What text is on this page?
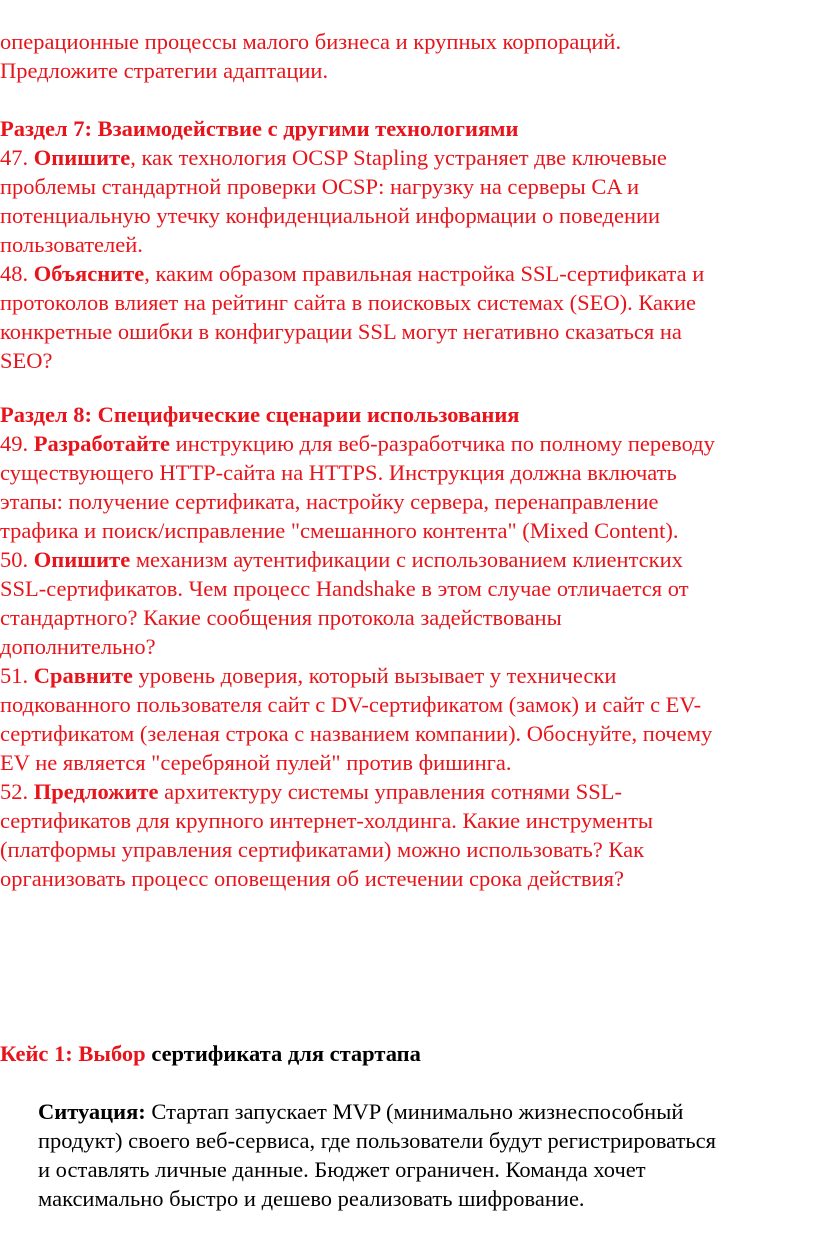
операционные процессы малого бизнеса и крупных корпораций.
Предложите стратегии адаптации.
Раздел 7: Взаимодействие с другими технологиями
47. Опишите, как технология OCSP Stapling устраняет две ключевые
проблемы стандартной проверки OCSP: нагрузку на серверы CA и
потенциальную утечку конфиденциальной информации о поведении
пользователей.
48. Объясните, каким образом правильная настройка SSL-сертификата и
протоколов влияет на рейтинг сайта в поисковых системах (SEO). Какие
конкретные ошибки в конфигурации SSL могут негативно сказаться на
SEO?
Раздел 8: Специфические сценарии использования
49. Разработайте инструкцию для веб-разработчика по полному переводу
существующего HTTP-сайта на HTTPS. Инструкция должна включать
этапы: получение сертификата, настройку сервера, перенаправление
трафика и поиск/исправление "смешанного контента" (Mixed Content).
50. Опишите механизм аутентификации с использованием клиентских
SSL-сертификатов. Чем процесс Handshake в этом случае отличается от
стандартного? Какие сообщения протокола задействованы
дополнительно?
51. Сравните уровень доверия, который вызывает у технически
подкованного пользователя сайт с DV-сертификатом (замок) и сайт с EV-
сертификатом (зеленая строка с названием компании). Обоснуйте, почему
EV не является "серебряной пулей" против фишинга.
52. Предложите архитектуру системы управления сотнями SSL-
сертификатов для крупного интернет-холдинга. Какие инструменты
(платформы управления сертификатами) можно использовать? Как
организовать процесс оповещения об истечении срока действия?
Кейс 1: Выбор сертификата для стартапа
Ситуация: Стартап запускает MVP (минимально жизнеспособный
продукт) своего веб-сервиса, где пользователи будут регистрироваться
и оставлять личные данные. Бюджет ограничен. Команда хочет
максимально быстро и дешево реализовать шифрование.
